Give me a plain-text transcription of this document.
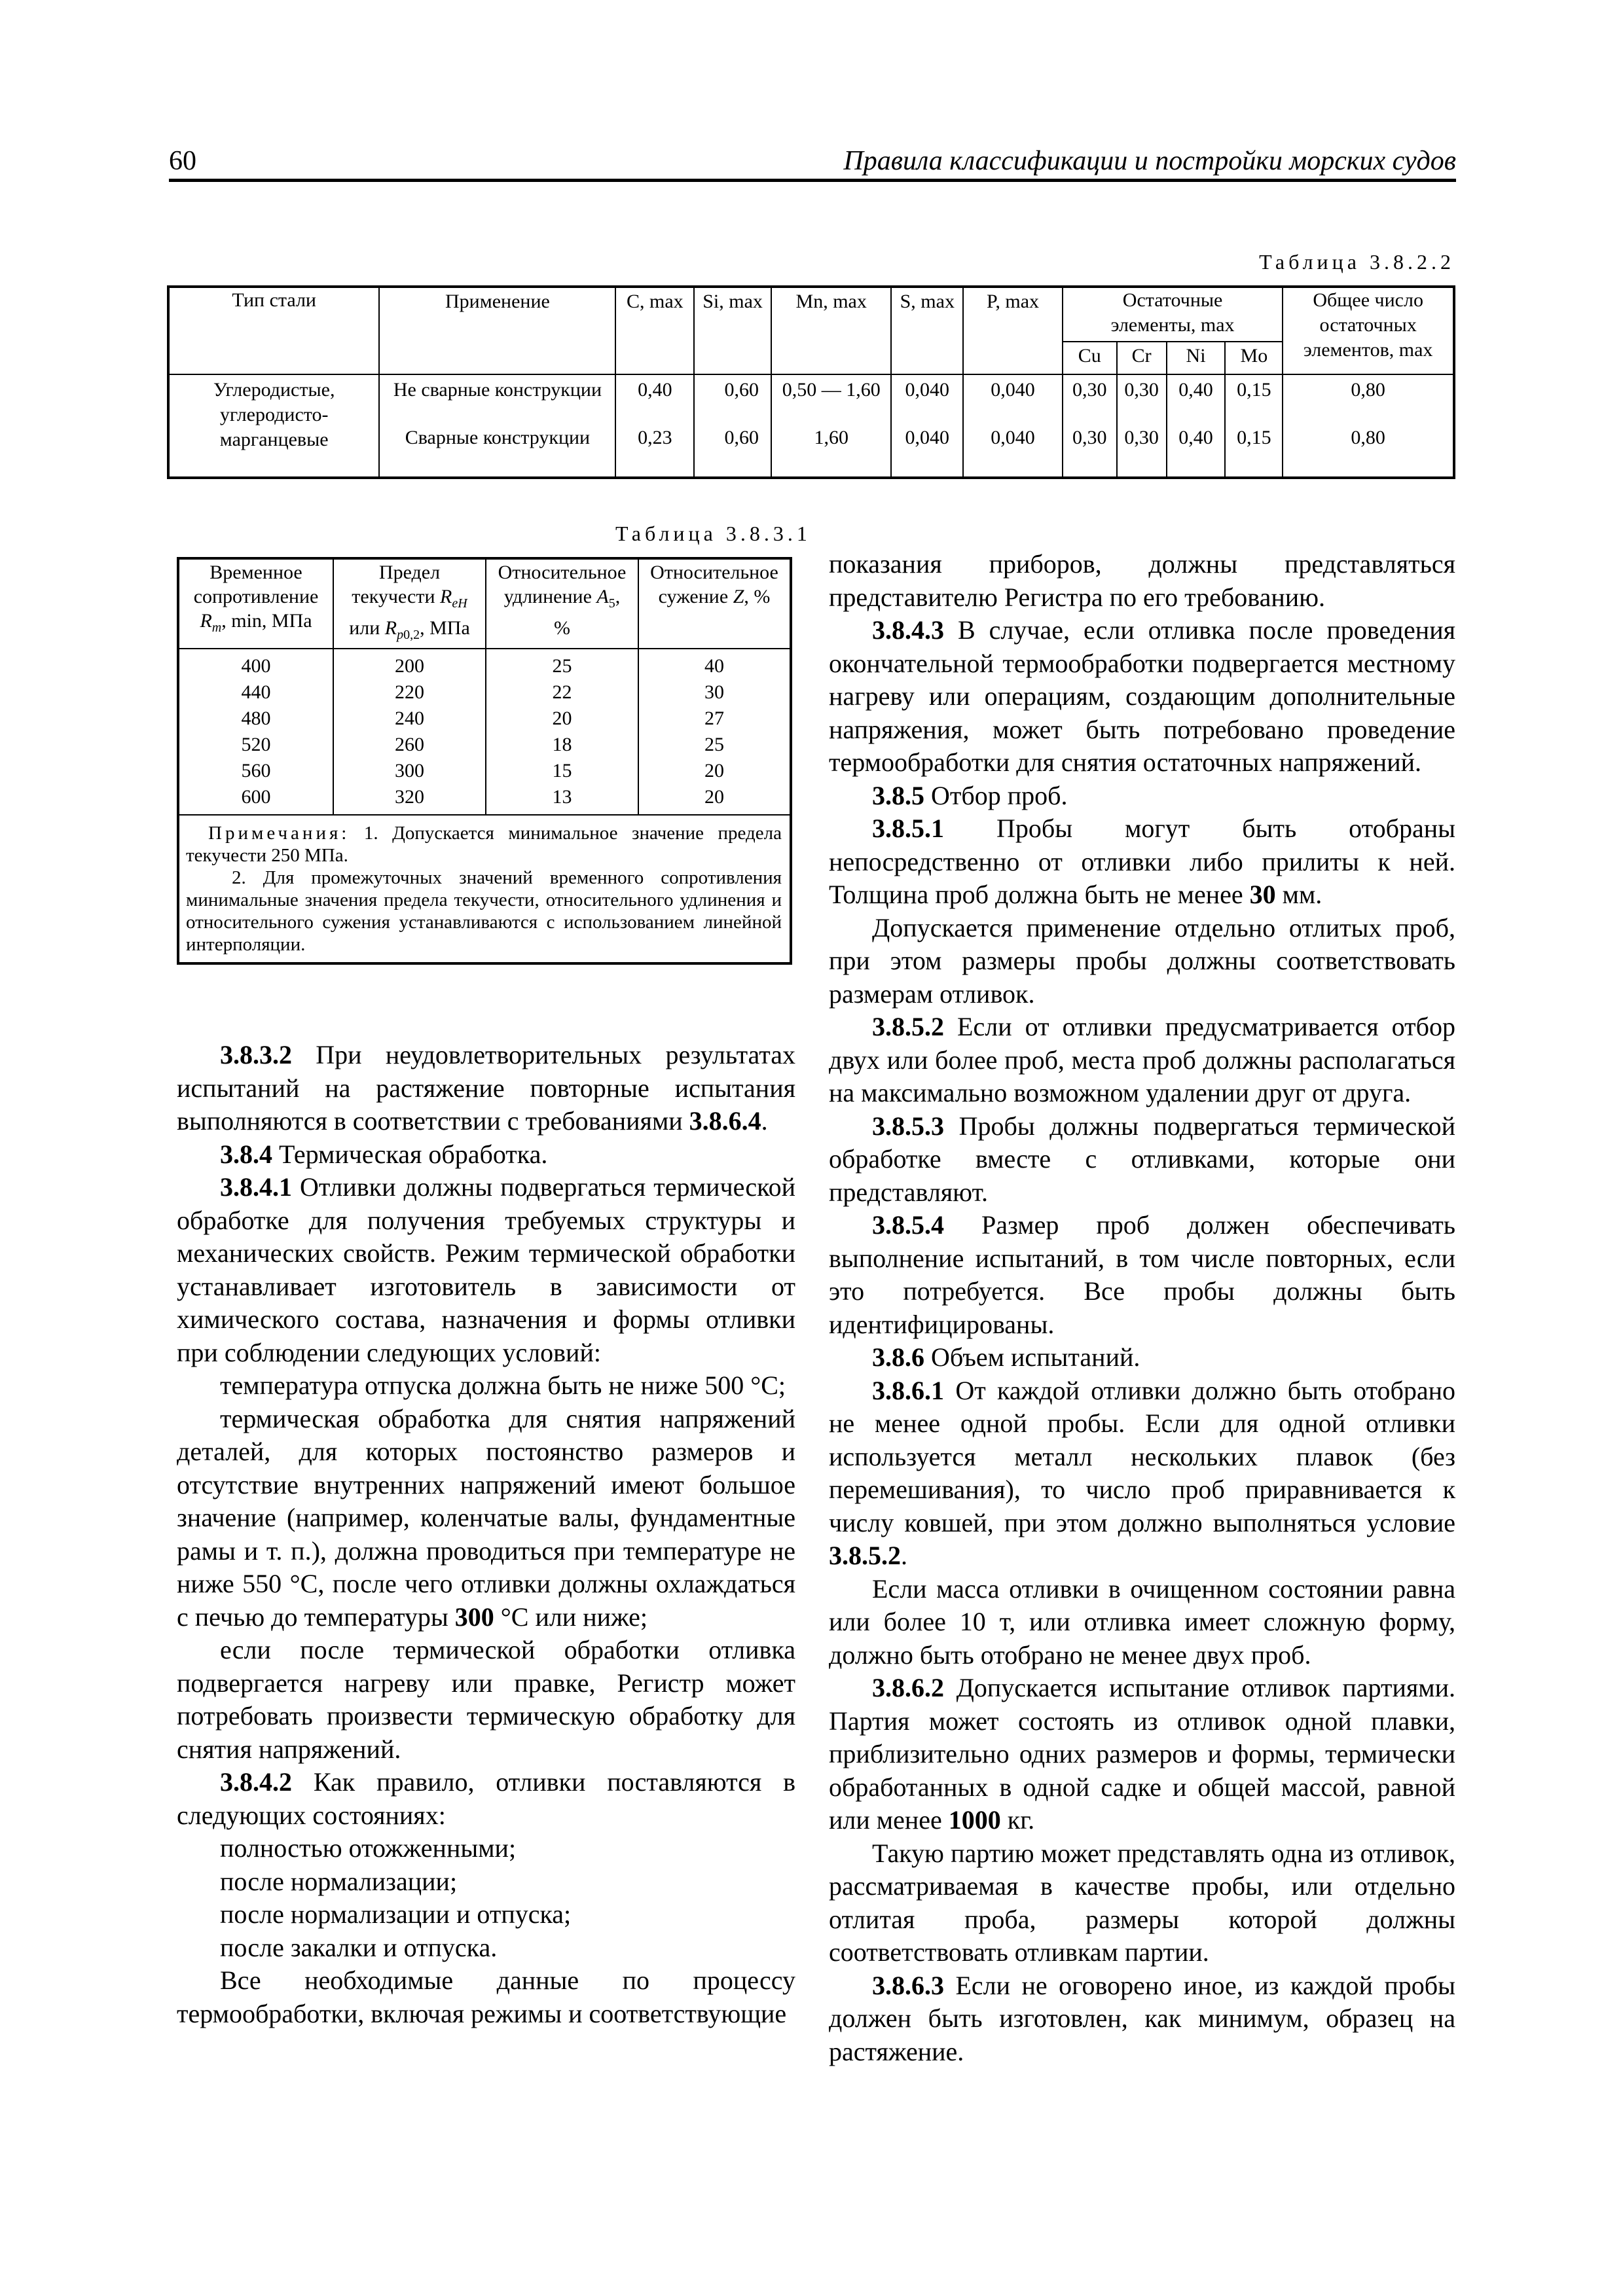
60	Правила классификации и постройки морских судов
Таблица 3.8.2.2
Тип стали	Применение	C, max	Si, max	Mn, max	S, max	P, max	Остаточные элементы, max				Общее число остаточных элементов, max
							Cu	Cr	Ni	Mo	

Углеродистые,
углеродисто-
марганцевые	Не сварные конструкции	0,40	0,60	0,50 — 1,60	0,040	0,040	0,30	0,30	0,40	0,15	0,80
	Сварные конструкции	0,23	0,60	1,60	0,040	0,040	0,30	0,30	0,40	0,15	0,80
Таблица 3.8.3.1
Временное
сопротивление
$R_m$, min, МПа	Предел
текучести $R_{eH}$
или $R_{p0,2}$, МПа	Относительное
удлинение $A_5$,
%	Относительное
сужение Z, %
400	200	25	40
440	220	22	30
480	240	20	27
520	260	18	25
560	300	15	20
600	320	13	20

Примечания: 1. Допускается минимальное значение предела текучести 250 МПа.
2. Для промежуточных значений временного сопротивления минимальные значения предела текучести, относительного удлинения и относительного сужения устанавливаются с использованием линейной интерполяции.			

3.8.3.2 При неудовлетворительных результатах испытаний на растяжение повторные испытания выполняются в соответствии с требованиями 3.8.6.4.

3.8.4 Термическая обработка.

3.8.4.1 Отливки должны подвергаться термической обработке для получения требуемых структуры и механических свойств. Режим термической обработки устанавливает изготовитель в зависимости от химического состава, назначения и формы отливки при соблюдении следующих условий:

температура отпуска должна быть не ниже 500 °C;

термическая обработка для снятия напряжений деталей, для которых постоянство размеров и отсутствие внутренних напряжений имеют большое значение (например, коленчатые валы, фундаментные рамы и т. п.), должна проводиться при температуре не ниже 550 °C, после чего отливки должны охлаждаться с печью до температуры 300 °C или ниже;

если после термической обработки отливка подвергается нагреву или правке, Регистр может потребовать произвести термическую обработку для снятия напряжений.

3.8.4.2 Как правило, отливки поставляются в следующих состояниях:

полностью отожженными;

после нормализации;

после нормализации и отпуска;

после закалки и отпуска.

Все необходимые данные по процессу термообработки, включая режимы и соответствующие

показания приборов, должны представляться представителю Регистра по его требованию.

3.8.4.3 В случае, если отливка после проведения окончательной термообработки подвергается местному нагреву или операциям, создающим дополнительные напряжения, может быть потребовано проведение термообработки для снятия остаточных напряжений.

3.8.5 Отбор проб.

3.8.5.1 Пробы могут быть отобраны непосредственно от отливки либо прилиты к ней. Толщина проб должна быть не менее 30 мм.

Допускается применение отдельно отлитых проб, при этом размеры пробы должны соответствовать размерам отливок.

3.8.5.2 Если от отливки предусматривается отбор двух или более проб, места проб должны располагаться на максимально возможном удалении друг от друга.

3.8.5.3 Пробы должны подвергаться термической обработке вместе с отливками, которые они представляют.

3.8.5.4 Размер проб должен обеспечивать выполнение испытаний, в том числе повторных, если это потребуется. Все пробы должны быть идентифицированы.

3.8.6 Объем испытаний.

3.8.6.1 От каждой отливки должно быть отобрано не менее одной пробы. Если для одной отливки используется металл нескольких плавок (без перемешивания), то число проб приравнивается к числу ковшей, при этом должно выполняться условие 3.8.5.2.

Если масса отливки в очищенном состоянии равна или более 10 т, или отливка имеет сложную форму, должно быть отобрано не менее двух проб.

3.8.6.2 Допускается испытание отливок партиями. Партия может состоять из отливок одной плавки, приблизительно одних размеров и формы, термически обработанных в одной садке и общей массой, равной или менее 1000 кг.

Такую партию может представлять одна из отливок, рассматриваемая в качестве пробы, или отдельно отлитая проба, размеры которой должны соответствовать отливкам партии.

3.8.6.3 Если не оговорено иное, из каждой пробы должен быть изготовлен, как минимум, образец на растяжение.
